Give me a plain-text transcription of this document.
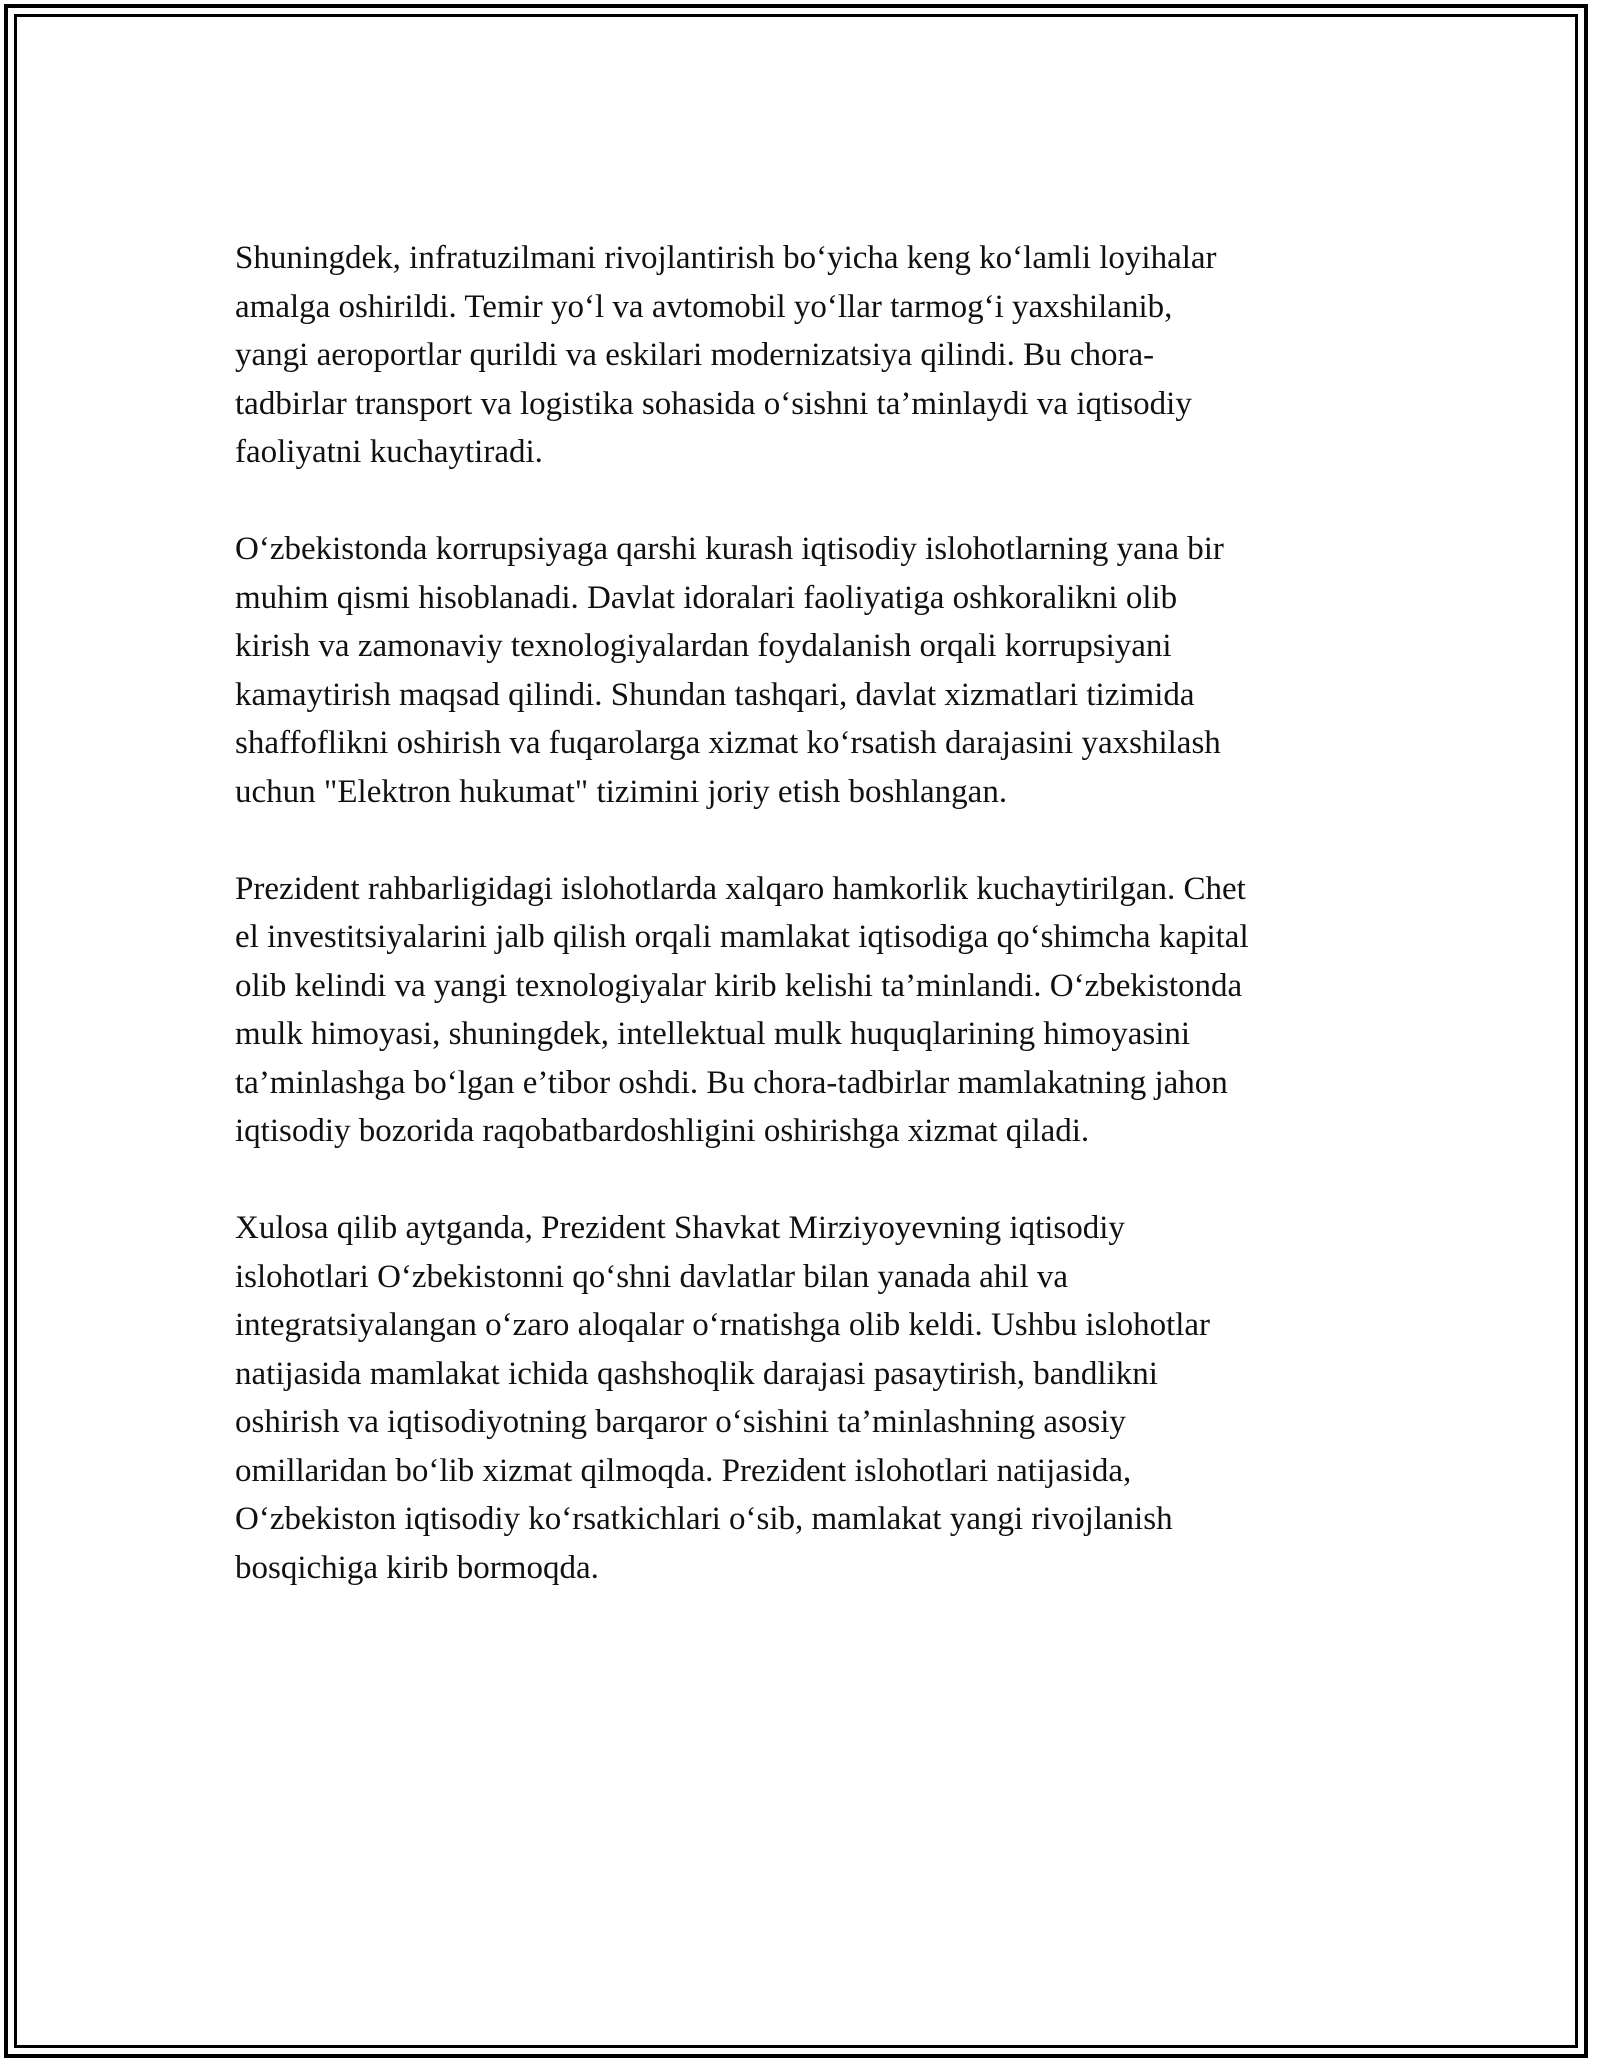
Shuningdek, infratuzilmani rivojlantirish bo‘yicha keng ko‘lamli loyihalar
amalga oshirildi. Temir yo‘l va avtomobil yo‘llar tarmog‘i yaxshilanib,
yangi aeroportlar qurildi va eskilari modernizatsiya qilindi. Bu chora-
tadbirlar transport va logistika sohasida o‘sishni ta’minlaydi va iqtisodiy
faoliyatni kuchaytiradi.

O‘zbekistonda korrupsiyaga qarshi kurash iqtisodiy islohotlarning yana bir
muhim qismi hisoblanadi. Davlat idoralari faoliyatiga oshkoralikni olib
kirish va zamonaviy texnologiyalardan foydalanish orqali korrupsiyani
kamaytirish maqsad qilindi. Shundan tashqari, davlat xizmatlari tizimida
shaffoflikni oshirish va fuqarolarga xizmat ko‘rsatish darajasini yaxshilash
uchun "Elektron hukumat" tizimini joriy etish boshlangan.

Prezident rahbarligidagi islohotlarda xalqaro hamkorlik kuchaytirilgan. Chet
el investitsiyalarini jalb qilish orqali mamlakat iqtisodiga qo‘shimcha kapital
olib kelindi va yangi texnologiyalar kirib kelishi ta’minlandi. O‘zbekistonda
mulk himoyasi, shuningdek, intellektual mulk huquqlarining himoyasini
ta’minlashga bo‘lgan e’tibor oshdi. Bu chora-tadbirlar mamlakatning jahon
iqtisodiy bozorida raqobatbardoshligini oshirishga xizmat qiladi.

Xulosa qilib aytganda, Prezident Shavkat Mirziyoyevning iqtisodiy
islohotlari O‘zbekistonni qo‘shni davlatlar bilan yanada ahil va
integratsiyalangan o‘zaro aloqalar o‘rnatishga olib keldi. Ushbu islohotlar
natijasida mamlakat ichida qashshoqlik darajasi pasaytirish, bandlikni
oshirish va iqtisodiyotning barqaror o‘sishini ta’minlashning asosiy
omillaridan bo‘lib xizmat qilmoqda. Prezident islohotlari natijasida,
O‘zbekiston iqtisodiy ko‘rsatkichlari o‘sib, mamlakat yangi rivojlanish
bosqichiga kirib bormoqda.
